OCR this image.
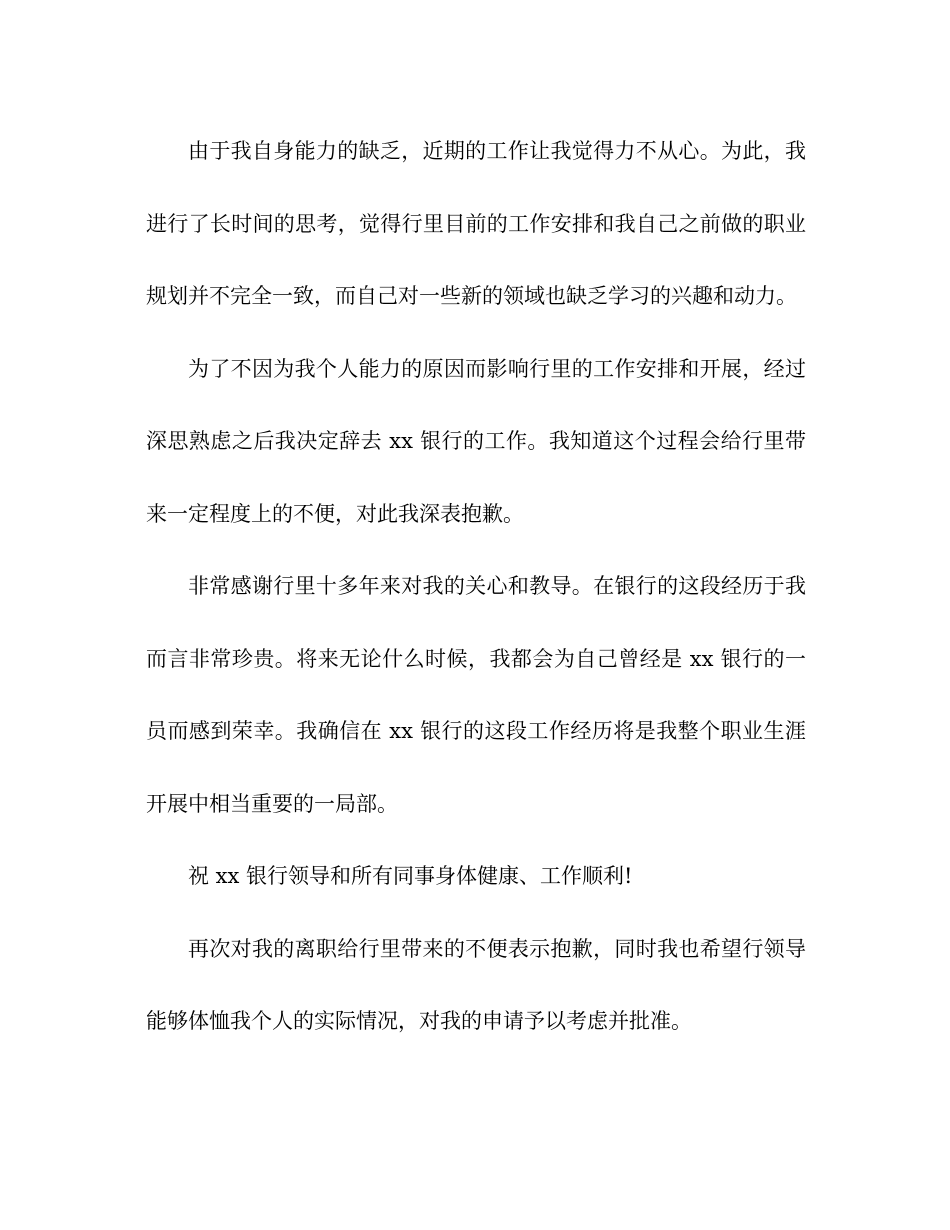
由于我自身能力的缺乏，近期的工作让我觉得力不从心。为此，我进行了长时间的思考，觉得行里目前的工作安排和我自己之前做的职业规划并不完全一致，而自己对一些新的领域也缺乏学习的兴趣和动力。

为了不因为我个人能力的原因而影响行里的工作安排和开展，经过深思熟虑之后我决定辞去 xx 银行的工作。我知道这个过程会给行里带来一定程度上的不便，对此我深表抱歉。

非常感谢行里十多年来对我的关心和教导。在银行的这段经历于我而言非常珍贵。将来无论什么时候，我都会为自己曾经是 xx 银行的一员而感到荣幸。我确信在 xx 银行的这段工作经历将是我整个职业生涯开展中相当重要的一局部。

祝 xx 银行领导和所有同事身体健康、工作顺利!

再次对我的离职给行里带来的不便表示抱歉，同时我也希望行领导能够体恤我个人的实际情况，对我的申请予以考虑并批准。
